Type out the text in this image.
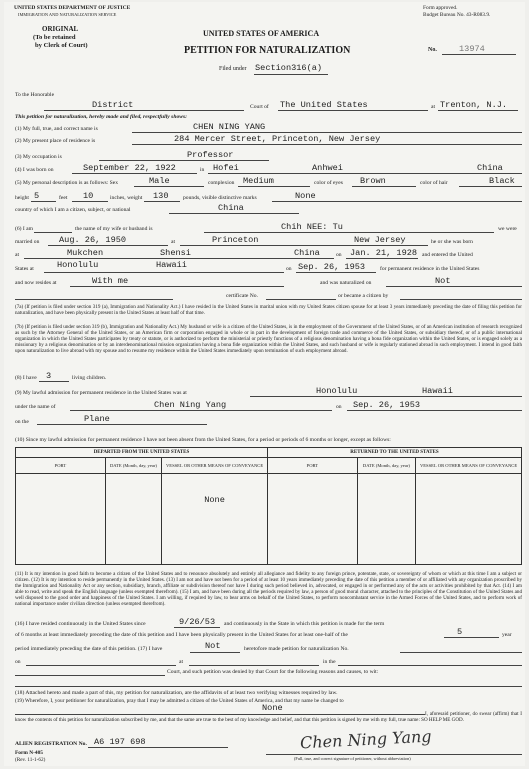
UNITED STATES DEPARTMENT OF JUSTICE
IMMIGRATION AND NATURALIZATION SERVICE
ORIGINAL
(To be retained
by Clerk of Court)
Form approved.
Budget Bureau No. 43-R083.9.
UNITED STATES OF AMERICA
PETITION FOR NATURALIZATION
Filed under Section316(a)
No.	13974
To the Honorable
District	Court of The United States	at Trenton, N.J.
This petition for naturalization, hereby made and filed, respectfully shows:
(1) My full, true, and correct name is	CHEN NING YANG
(2) My present place of residence is	284 Mercer Street, Princeton, New Jersey
(3) My occupation is	Professor
(4) I was born on	September 22, 1922	in Hofei	Anhwei	China
(5) My personal description is as follows: Sex	Male	complexion Medium	color of eyes Brown	color of hair	Black
height 5	feet 10	inches, weight 130	pounds, visible distinctive marks	None
country of which I am a citizen, subject, or national	China
(6) I am	the name of my wife or husband is	Chih NEE: Tu	we were
married on Aug. 26, 1950	at	Princeton	New Jersey	he or she was born
at	Mukchen	Shensi	China	on Jan. 21, 1928 and entered the United
States at	Honolulu	Hawaii	on Sep. 26, 1953	for permanent residence in the United States
and now resides at	With me	and was naturalized on	Not
certificate No.	or became a citizen by
(7a) (If petition is filed under section 319 (a), Immigration and Nationality Act.) I have resided in the United States in marital union with my United States citizen spouse for at least 3 years immediately preceding the date of filing this petition for naturalization, and have been physically present in the United States at least half of that time.
(7b) (If petition is filed under section 319 (b), Immigration and Nationality Act.) My husband or wife is a citizen of the United States, is in the employment of the Government of the United States, or of an American institution of research recognized as such by the Attorney General of the United States, or an American firm or corporation engaged in whole or in part in the development of foreign trade and commerce of the United States, or subsidiary thereof, or of a public international organization in which the United States participates by treaty or statute, or is authorized to perform the ministerial or priestly functions of a religious denomination having a bona fide organization within the United States, or is engaged solely as a missionary by a religious denomination or by an interdenominational mission organization having a bona fide organization within the United States, and such husband or wife is regularly stationed abroad in such employment. I intend in good faith upon naturalization to live abroad with my spouse and to resume my residence within the United States immediately upon termination of such employment abroad.
(8) I have 3	living children.
(9) My lawful admission for permanent residence in the United States was at	Honolulu	Hawaii
under the name of	Chen Ning Yang	on Sep. 26, 1953
on the	Plane
(10) Since my lawful admission for permanent residence I have not been absent from the United States, for a period or periods of 6 months or longer, except as follows:
DEPARTED FROM THE UNITED STATES			RETURNED TO THE UNITED STATES		
PORT	DATE (Month, day, year)	VESSEL OR OTHER MEANS OF CONVEYANCE	PORT	DATE (Month, day, year)	VESSEL OR OTHER MEANS OF CONVEYANCE
		None			
(11) It is my intention in good faith to become a citizen of the United States and to renounce absolutely and entirely all allegiance and fidelity to any foreign prince, potentate, state, or sovereignty of whom or which at this time I am a subject or citizen. (12) It is my intention to reside permanently in the United States. (13) I am not and have not been for a period of at least 10 years immediately preceding the date of this petition a member of or affiliated with any organization proscribed by the Immigration and Nationality Act or any section, subsidiary, branch, affiliate or subdivision thereof nor have I during such period believed in, advocated, or engaged in or performed any of the acts or activities prohibited by that Act. (14) I am able to read, write and speak the English language (unless exempted therefrom). (15) I am, and have been during all the periods required by law, a person of good moral character, attached to the principles of the Constitution of the United States and well disposed to the good order and happiness of the United States. I am willing, if required by law, to bear arms on behalf of the United States, to perform noncombatant service in the Armed Forces of the United States, and to perform work of national importance under civilian direction (unless exempted therefrom).
(16) I have resided continuously in the United States since	9/26/53 and continuously in the State in which this petition is made for the term
of 6 months at least immediately preceding the date of this petition and I have been physically present in the United States for at least one-half of the	5	year
period immediately preceding the date of this petition. (17) I have	Not	heretofore made petition for naturalization No.
on	at	in the
Court, and such petition was denied by that Court for the following reasons and causes, to wit:
(18) Attached hereto and made a part of this, my petition for naturalization, are the affidavits of at least two verifying witnesses required by law.
(19) Wherefore, I, your petitioner for naturalization, pray that I may be admitted a citizen of the United States of America, and that my name be changed to
None
I, aforesaid petitioner, do swear (affirm) that I know the contents of this petition for naturalization subscribed by me, and that the same are true to the best of my knowledge and belief, and that this petition is signed by me with my full, true name: SO HELP ME GOD.
ALIEN REGISTRATION No. A6 197 698
Form N-405
(Rev. 11-1-62)
Chen Ning Yang
(Full, true, and correct signature of petitioner, without abbreviation)
